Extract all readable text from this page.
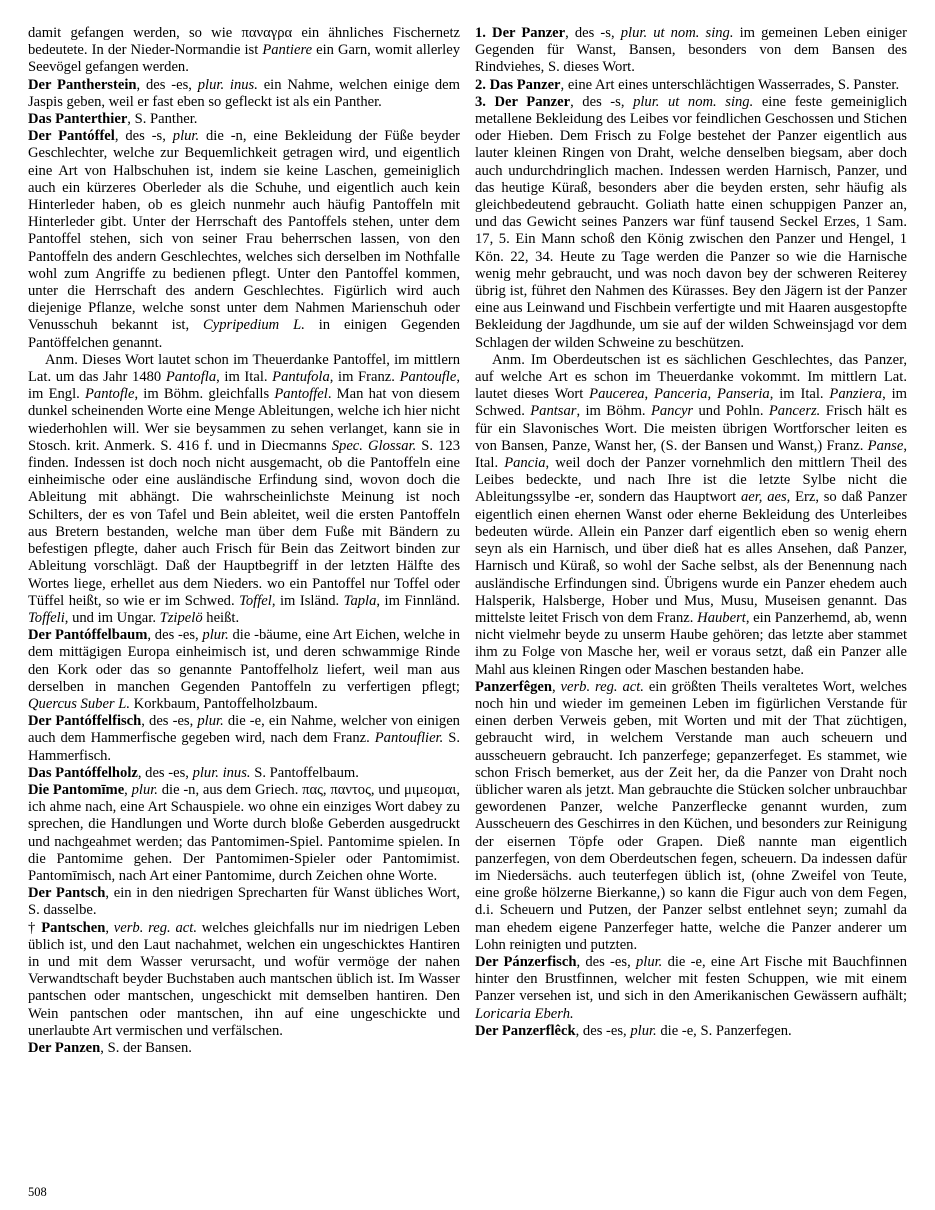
damit gefangen werden, so wie παναγρα ein ähnliches Fischernetz bedeutete. In der Nieder-Normandie ist Pantiere ein Garn, womit allerley Seevögel gefangen werden.

Der Pantherstein, des -es, plur. inus. ein Nahme, welchen einige dem Jaspis geben, weil er fast eben so gefleckt ist als ein Panther.

Das Panterthier, S. Panther.

Der Pantóffel, des -s, plur. die -n, eine Bekleidung der Füße beyder Geschlechter, welche zur Bequemlichkeit getragen wird, und eigentlich eine Art von Halbschuhen ist, indem sie keine Laschen, gemeiniglich auch ein kürzeres Oberleder als die Schuhe, und eigentlich auch kein Hinterleder haben, ob es gleich nunmehr auch häufig Pantoffeln mit Hinterleder gibt. Unter der Herrschaft des Pantoffels stehen, unter dem Pantoffel stehen, sich von seiner Frau beherrschen lassen, von den Pantoffeln des andern Geschlechtes, welches sich derselben im Nothfalle wohl zum Angriffe zu bedienen pflegt. Unter den Pantoffel kommen, unter die Herrschaft des andern Geschlechtes. Figürlich wird auch diejenige Pflanze, welche sonst unter dem Nahmen Marienschuh oder Venusschuh bekannt ist, Cypripedium L. in einigen Gegenden Pantöffelchen genannt.

Anm. Dieses Wort lautet schon im Theuerdanke Pantoffel, im mittlern Lat. um das Jahr 1480 Pantofla, im Ital. Pantufola, im Franz. Pantoufle, im Engl. Pantofle, im Böhm. gleichfalls Pantoffel. Man hat von diesem dunkel scheinenden Worte eine Menge Ableitungen, welche ich hier nicht wiederhohlen will. Wer sie beysammen zu sehen verlanget, kann sie in Stosch. krit. Anmerk. S. 416 f. und in Diecmanns Spec. Glossar. S. 123 finden. Indessen ist doch noch nicht ausgemacht, ob die Pantoffeln eine einheimische oder eine ausländische Erfindung sind, wovon doch die Ableitung mit abhängt. Die wahrscheinlichste Meinung ist noch Schilters, der es von Tafel und Bein ableitet, weil die ersten Pantoffeln aus Bretern bestanden, welche man über dem Fuße mit Bändern zu befestigen pflegte, daher auch Frisch für Bein das Zeitwort binden zur Ableitung vorschlägt. Daß der Hauptbegriff in der letzten Hälfte des Wortes liege, erhellet aus dem Nieders. wo ein Pantoffel nur Toffel oder Tüffel heißt, so wie er im Schwed. Toffel, im Isländ. Tapla, im Finnländ. Toffeli, und im Ungar. Tzipelö heißt.

Der Pantóffelbaum, des -es, plur. die -bäume, eine Art Eichen, welche in dem mittägigen Europa einheimisch ist, und deren schwammige Rinde den Kork oder das so genannte Pantoffelholz liefert, weil man aus derselben in manchen Gegenden Pantoffeln zu verfertigen pflegt; Quercus Suber L. Korkbaum, Pantoffelholzbaum.

Der Pantóffelfisch, des -es, plur. die -e, ein Nahme, welcher von einigen auch dem Hammerfische gegeben wird, nach dem Franz. Pantouflier. S. Hammerfisch.

Das Pantóffelholz, des -es, plur. inus. S. Pantoffelbaum.

Die Pantomīme, plur. die -n, aus dem Griech. πας, παντος, und μιμεομαι, ich ahme nach, eine Art Schauspiele. wo ohne ein einziges Wort dabey zu sprechen, die Handlungen und Worte durch bloße Geberden ausgedruckt und nachgeahmet werden; das Pantomimen-Spiel. Pantomime spielen. In die Pantomime gehen. Der Pantomimen-Spieler oder Pantomimist. Pantomīmisch, nach Art einer Pantomime, durch Zeichen ohne Worte.

Der Pantsch, ein in den niedrigen Sprecharten für Wanst übliches Wort, S. dasselbe.

† Pantschen, verb. reg. act. welches gleichfalls nur im niedrigen Leben üblich ist, und den Laut nachahmet, welchen ein ungeschicktes Hantiren in und mit dem Wasser verursacht, und wofür vermöge der nahen Verwandtschaft beyder Buchstaben auch mantschen üblich ist. Im Wasser pantschen oder mantschen, ungeschickt mit demselben hantiren. Den Wein pantschen oder mantschen, ihn auf eine ungeschickte und unerlaubte Art vermischen und verfälschen.

Der Panzen, S. der Bansen.

1. Der Panzer, des -s, plur. ut nom. sing. im gemeinen Leben einiger Gegenden für Wanst, Bansen, besonders von dem Bansen des Rindviehes, S. dieses Wort.

2. Das Panzer, eine Art eines unterschlächtigen Wasserrades, S. Panster.

3. Der Panzer, des -s, plur. ut nom. sing. eine feste gemeiniglich metallene Bekleidung des Leibes vor feindlichen Geschossen und Stichen oder Hieben. Dem Frisch zu Folge bestehet der Panzer eigentlich aus lauter kleinen Ringen von Draht, welche denselben biegsam, aber doch auch undurchdringlich machen. Indessen werden Harnisch, Panzer, und das heutige Küraß, besonders aber die beyden ersten, sehr häufig als gleichbedeutend gebraucht. Goliath hatte einen schuppigen Panzer an, und das Gewicht seines Panzers war fünf tausend Seckel Erzes, 1 Sam. 17, 5. Ein Mann schoß den König zwischen den Panzer und Hengel, 1 Kön. 22, 34. Heute zu Tage werden die Panzer so wie die Harnische wenig mehr gebraucht, und was noch davon bey der schweren Reiterey übrig ist, führet den Nahmen des Kürasses. Bey den Jägern ist der Panzer eine aus Leinwand und Fischbein verfertigte und mit Haaren ausgestopfte Bekleidung der Jagdhunde, um sie auf der wilden Schweinsjagd vor dem Schlagen der wilden Schweine zu beschützen.

Anm. Im Oberdeutschen ist es sächlichen Geschlechtes, das Panzer, auf welche Art es schon im Theuerdanke vokommt. Im mittlern Lat. lautet dieses Wort Paucerea, Panceria, Panseria, im Ital. Panziera, im Schwed. Pantsar, im Böhm. Pancyr und Pohln. Pancerz. Frisch hält es für ein Slavonisches Wort. Die meisten übrigen Wortforscher leiten es von Bansen, Panze, Wanst her, (S. der Bansen und Wanst,) Franz. Panse, Ital. Pancia, weil doch der Panzer vornehmlich den mittlern Theil des Leibes bedeckte, und nach Ihre ist die letzte Sylbe nicht die Ableitungssylbe -er, sondern das Hauptwort aer, aes, Erz, so daß Panzer eigentlich einen ehernen Wanst oder eherne Bekleidung des Unterleibes bedeuten würde. Allein ein Panzer darf eigentlich eben so wenig ehern seyn als ein Harnisch, und über dieß hat es alles Ansehen, daß Panzer, Harnisch und Küraß, so wohl der Sache selbst, als der Benennung nach ausländische Erfindungen sind. Übrigens wurde ein Panzer ehedem auch Halsperik, Halsberge, Hober und Mus, Musu, Museisen genannt. Das mittelste leitet Frisch von dem Franz. Haubert, ein Panzerhemd, ab, wenn nicht vielmehr beyde zu unserm Haube gehören; das letzte aber stammet ihm zu Folge von Masche her, weil er voraus setzt, daß ein Panzer alle Mahl aus kleinen Ringen oder Maschen bestanden habe.

Panzerfêgen, verb. reg. act. ein größten Theils veraltetes Wort, welches noch hin und wieder im gemeinen Leben im figürlichen Verstande für einen derben Verweis geben, mit Worten und mit der That züchtigen, gebraucht wird, in welchem Verstande man auch scheuern und ausscheuern gebraucht. Ich panzerfege; gepanzerfeget. Es stammet, wie schon Frisch bemerket, aus der Zeit her, da die Panzer von Draht noch üblicher waren als jetzt. Man gebrauchte die Stücken solcher unbrauchbar gewordenen Panzer, welche Panzerflecke genannt wurden, zum Ausscheuern des Geschirres in den Küchen, und besonders zur Reinigung der eisernen Töpfe oder Grapen. Dieß nannte man eigentlich panzerfegen, von dem Oberdeutschen fegen, scheuern. Da indessen dafür im Niedersächs. auch teuterfegen üblich ist, (ohne Zweifel von Teute, eine große hölzerne Bierkanne,) so kann die Figur auch von dem Fegen, d.i. Scheuern und Putzen, der Panzer selbst entlehnet seyn; zumahl da man ehedem eigene Panzerfeger hatte, welche die Panzer anderer um Lohn reinigten und putzten.

Der Pánzerfisch, des -es, plur. die -e, eine Art Fische mit Bauchfinnen hinter den Brustfinnen, welcher mit festen Schuppen, wie mit einem Panzer versehen ist, und sich in den Amerikanischen Gewässern aufhält; Loricaria Eberh.

Der Panzerflêck, des -es, plur. die -e, S. Panzerfegen.

508
